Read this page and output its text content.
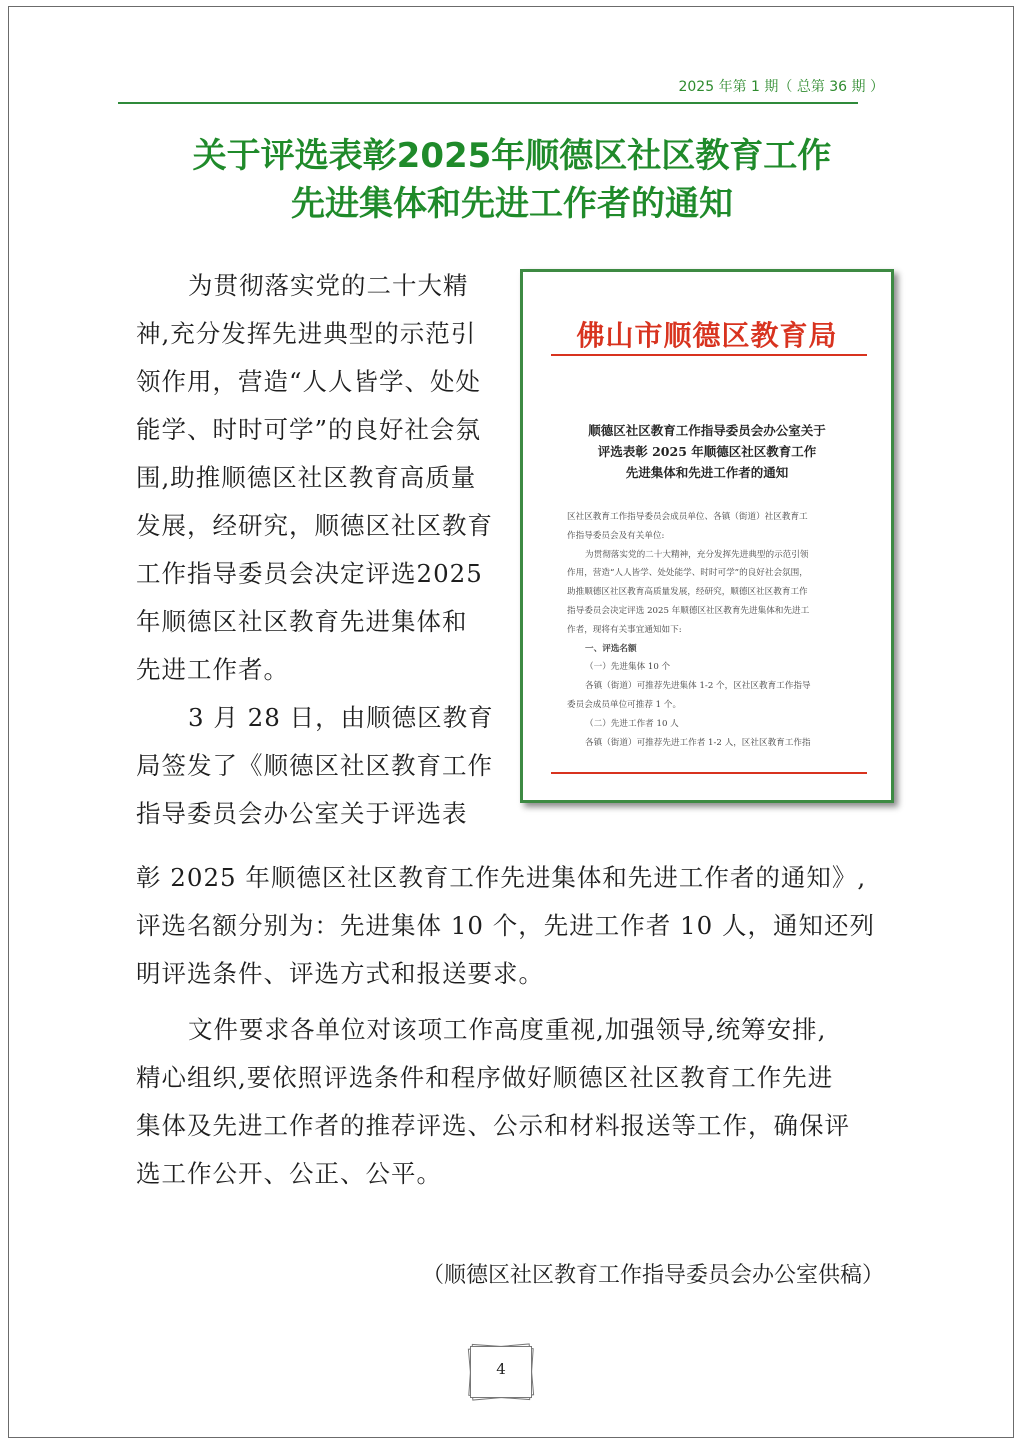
2025 年第 1 期（ 总第 36 期 ）
关于评选表彰2025年顺德区社区教育工作
先进集体和先进工作者的通知

为贯彻落实党的二十大精

神,充分发挥先进典型的示范引

领作用，营造“人人皆学、处处

能学、时时可学”的良好社会氛

围,助推顺德区社区教育高质量

发展，经研究，顺德区社区教育

工作指导委员会决定评选2025

年顺德区社区教育先进集体和

先进工作者。

3 月 28 日，由顺德区教育

局签发了《顺德区社区教育工作

指导委员会办公室关于评选表

佛山市顺德区教育局
顺德区社区教育工作指导委员会办公室关于
评选表彰 2025 年顺德区社区教育工作
先进集体和先进工作者的通知
区社区教育工作指导委员会成员单位、各镇（街道）社区教育工
作指导委员会及有关单位:
为贯彻落实党的二十大精神，充分发挥先进典型的示范引领
作用，营造“人人皆学、处处能学、时时可学”的良好社会氛围，
助推顺德区社区教育高质量发展，经研究，顺德区社区教育工作
指导委员会决定评选 2025 年顺德区社区教育先进集体和先进工
作者，现将有关事宜通知如下:
一、评选名额
（一）先进集体 10 个
各镇（街道）可推荐先进集体 1-2 个，区社区教育工作指导
委员会成员单位可推荐 1 个。
（二）先进工作者 10 人
各镇（街道）可推荐先进工作者 1-2 人，区社区教育工作指

彰 2025 年顺德区社区教育工作先进集体和先进工作者的通知》,

评选名额分别为：先进集体 10 个，先进工作者 10 人，通知还列

明评选条件、评选方式和报送要求。

文件要求各单位对该项工作高度重视,加强领导,统筹安排,

精心组织,要依照评选条件和程序做好顺德区社区教育工作先进

集体及先进工作者的推荐评选、公示和材料报送等工作，确保评

选工作公开、公正、公平。

（顺德区社区教育工作指导委员会办公室供稿）
4
